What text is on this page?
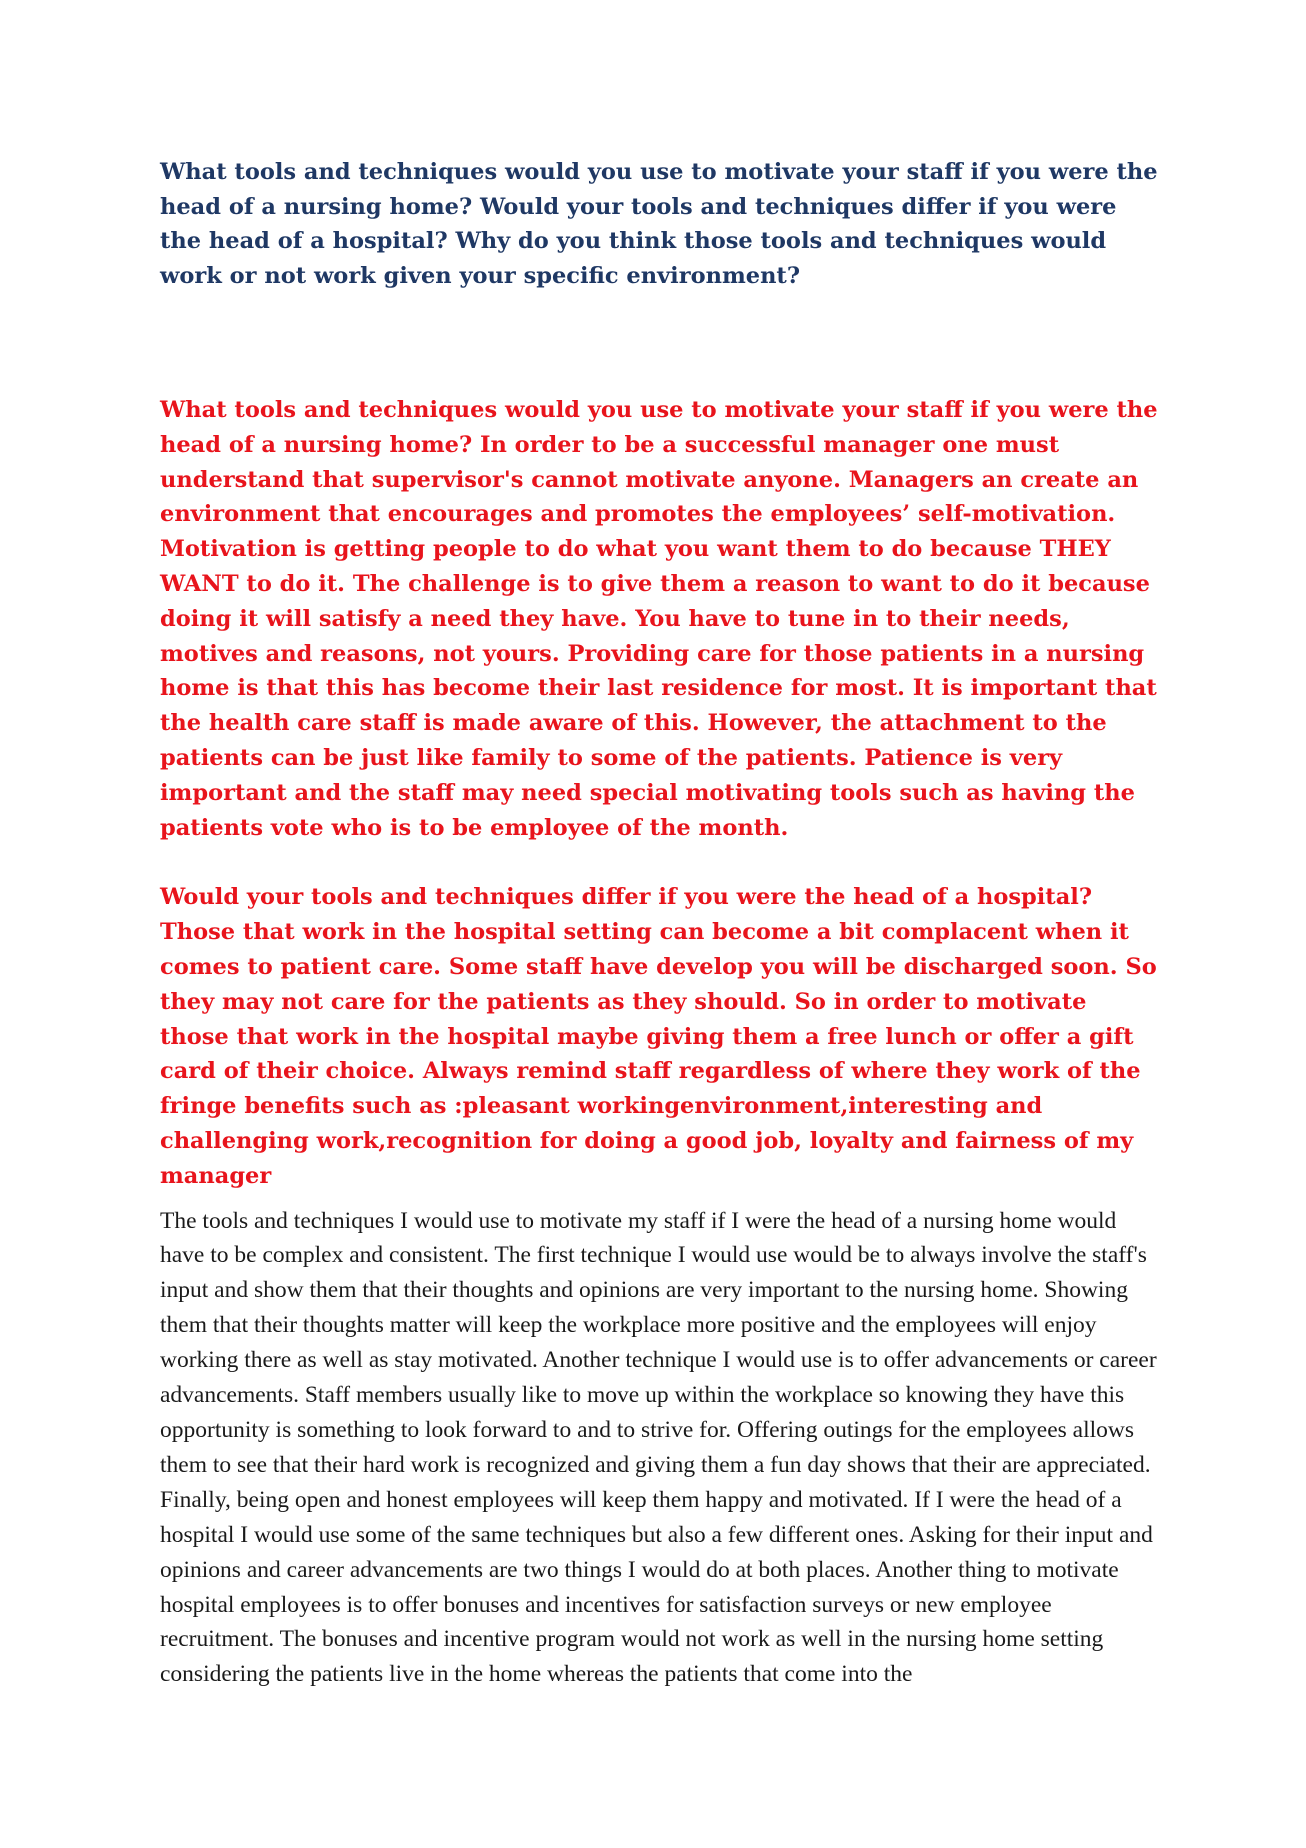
What tools and techniques would you use to motivate your staff if you were the head of a nursing home? Would your tools and techniques differ if you were the head of a hospital? Why do you think those tools and techniques would work or not work given your specific environment?

What tools and techniques would you use to motivate your staff if you were the head of a nursing home? In order to be a successful manager one must understand that supervisor's cannot motivate anyone. Managers an create an environment that encourages and promotes the employees’ self-motivation. Motivation is getting people to do what you want them to do because THEY WANT to do it. The challenge is to give them a reason to want to do it because doing it will satisfy a need they have. You have to tune in to their needs, motives and reasons, not yours. Providing care for those patients in a nursing home is that this has become their last residence for most. It is important that the health care staff is made aware of this. However, the attachment to the patients can be just like family to some of the patients. Patience is very important and the staff may need special motivating tools such as having the patients vote who is to be employee of the month.

Would your tools and techniques differ if you were the head of a hospital? Those that work in the hospital setting can become a bit complacent when it comes to patient care. Some staff have develop you will be discharged soon. So they may not care for the patients as they should. So in order to motivate those that work in the hospital maybe giving them a free lunch or offer a gift card of their choice. Always remind staff regardless of where they work of the fringe benefits such as :pleasant workingenvironment,interesting and challenging work,recognition for doing a good job, loyalty and fairness of my manager

The tools and techniques I would use to motivate my staff if I were the head of a nursing home would have to be complex and consistent. The first technique I would use would be to always involve the staff's input and show them that their thoughts and opinions are very important to the nursing home. Showing them that their thoughts matter will keep the workplace more positive and the employees will enjoy working there as well as stay motivated. Another technique I would use is to offer advancements or career advancements. Staff members usually like to move up within the workplace so knowing they have this opportunity is something to look forward to and to strive for. Offering outings for the employees allows them to see that their hard work is recognized and giving them a fun day shows that their are appreciated. Finally, being open and honest employees will keep them happy and motivated. If I were the head of a hospital I would use some of the same techniques but also a few different ones. Asking for their input and opinions and career advancements are two things I would do at both places. Another thing to motivate hospital employees is to offer bonuses and incentives for satisfaction surveys or new employee recruitment. The bonuses and incentive program would not work as well in the nursing home setting considering the patients live in the home whereas the patients that come into the
